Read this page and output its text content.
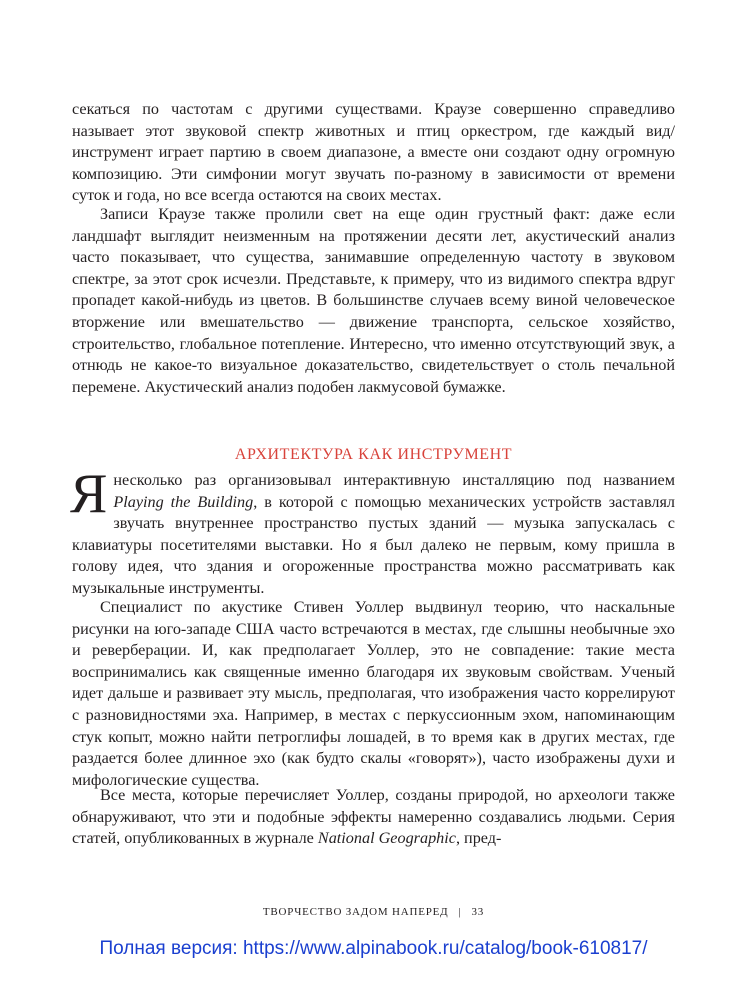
секаться по частотам с другими существами. Краузе совершенно справедливо называет этот звуковой спектр животных и птиц оркестром, где каждый вид/инструмент играет партию в своем диапазоне, а вместе они создают одну огромную композицию. Эти симфонии могут звучать по-разному в зависимости от времени суток и года, но все всегда остаются на своих местах.

Записи Краузе также пролили свет на еще один грустный факт: даже если ландшафт выглядит неизменным на протяжении десяти лет, акустический анализ часто показывает, что существа, занимавшие определенную частоту в звуковом спектре, за этот срок исчезли. Представьте, к примеру, что из видимого спектра вдруг пропадет какой-нибудь из цветов. В большинстве случаев всему виной человеческое вторжение или вмешательство — движение транспорта, сельское хозяйство, строительство, глобальное потепление. Интересно, что именно отсутствующий звук, а отнюдь не какое-то визуальное доказательство, свидетельствует о столь печальной перемене. Акустический анализ подобен лакмусовой бумажке.

АРХИТЕКТУРА КАК ИНСТРУМЕНТ

Янесколько раз организовывал интерактивную инсталляцию под названием Playing the Building, в которой с помощью механических устройств заставлял звучать внутреннее пространство пустых зданий — музыка запускалась с клавиатуры посетителями выставки. Но я был далеко не первым, кому пришла в голову идея, что здания и огороженные пространства можно рассматривать как музыкальные инструменты.

Специалист по акустике Стивен Уоллер выдвинул теорию, что наскальные рисунки на юго-западе США часто встречаются в местах, где слышны необычные эхо и реверберации. И, как предполагает Уоллер, это не совпадение: такие места воспринимались как священные именно благодаря их звуковым свойствам. Ученый идет дальше и развивает эту мысль, предполагая, что изображения часто коррелируют с разновидностями эха. Например, в местах с перкуссионным эхом, напоминающим стук копыт, можно найти петроглифы лошадей, в то время как в других местах, где раздается более длинное эхо (как будто скалы «говорят»), часто изображены духи и мифологические существа.

Все места, которые перечисляет Уоллер, созданы природой, но археологи также обнаруживают, что эти и подобные эффекты намеренно создавались людьми. Серия статей, опубликованных в журнале National Geographic, пред-

ТВОРЧЕСТВО ЗАДОМ НАПЕРЕД | 33
Полная версия: https://www.alpinabook.ru/catalog/book-610817/
